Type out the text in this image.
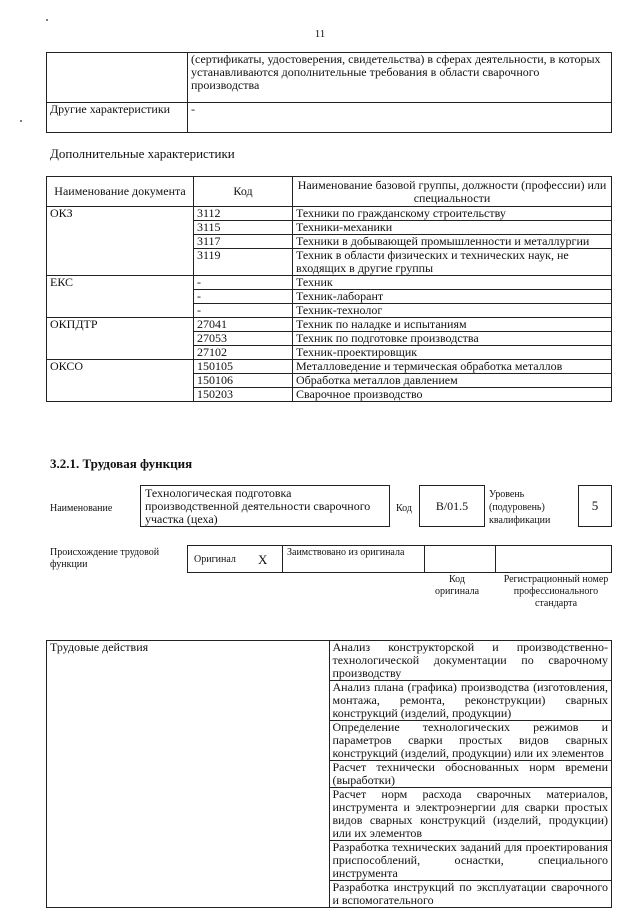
11
	(сертификаты, удостоверения, свидетельства) в сферах деятельности, в которых устанавливаются дополнительные требования в области сварочного производства
Другие характеристики	-
Дополнительные характеристики
Наименование документа	Код	Наименование базовой группы, должности (профессии) или специальности
ОКЗ	3112	Техники по гражданскому строительству
	3115	Техники-механики
	3117	Техники в добывающей промышленности и металлургии
	3119	Техник в области физических и технических наук, не входящих в другие группы
ЕКС	-	Техник
	-	Техник-лаборант
	-	Техник-технолог
ОКПДТР	27041	Техник по наладке и испытаниям
	27053	Техник по подготовке производства
	27102	Техник-проектировщик
ОКСО	150105	Металловедение и термическая обработка металлов
	150106	Обработка металлов давлением
	150203	Сварочное производство
3.2.1. Трудовая функция
Наименование
Технологическая подготовка производственной деятельности сварочного участка (цеха)
Код В/01.5
Уровень (подуровень) квалификации
5
Происхождение трудовой функции	Оригинал X Заимствовано из оригинала
Код оригинала
Регистрационный номер профессионального стандарта
Трудовые действия	Анализ конструкторской и производственно-технологической документации по сварочному производству
Анализ плана (графика) производства (изготовления, монтажа, ремонта, реконструкции) сварных конструкций (изделий, продукции)
Определение технологических режимов и параметров сварки простых видов сварных конструкций (изделий, продукции) или их элементов
Расчет технически обоснованных норм времени (выработки)
Расчет норм расхода сварочных материалов, инструмента и электроэнергии для сварки простых видов сварных конструкций (изделий, продукции) или их элементов
Разработка технических заданий для проектирования приспособлений, оснастки, специального инструмента
Разработка инструкций по эксплуатации сварочного и вспомогательного
